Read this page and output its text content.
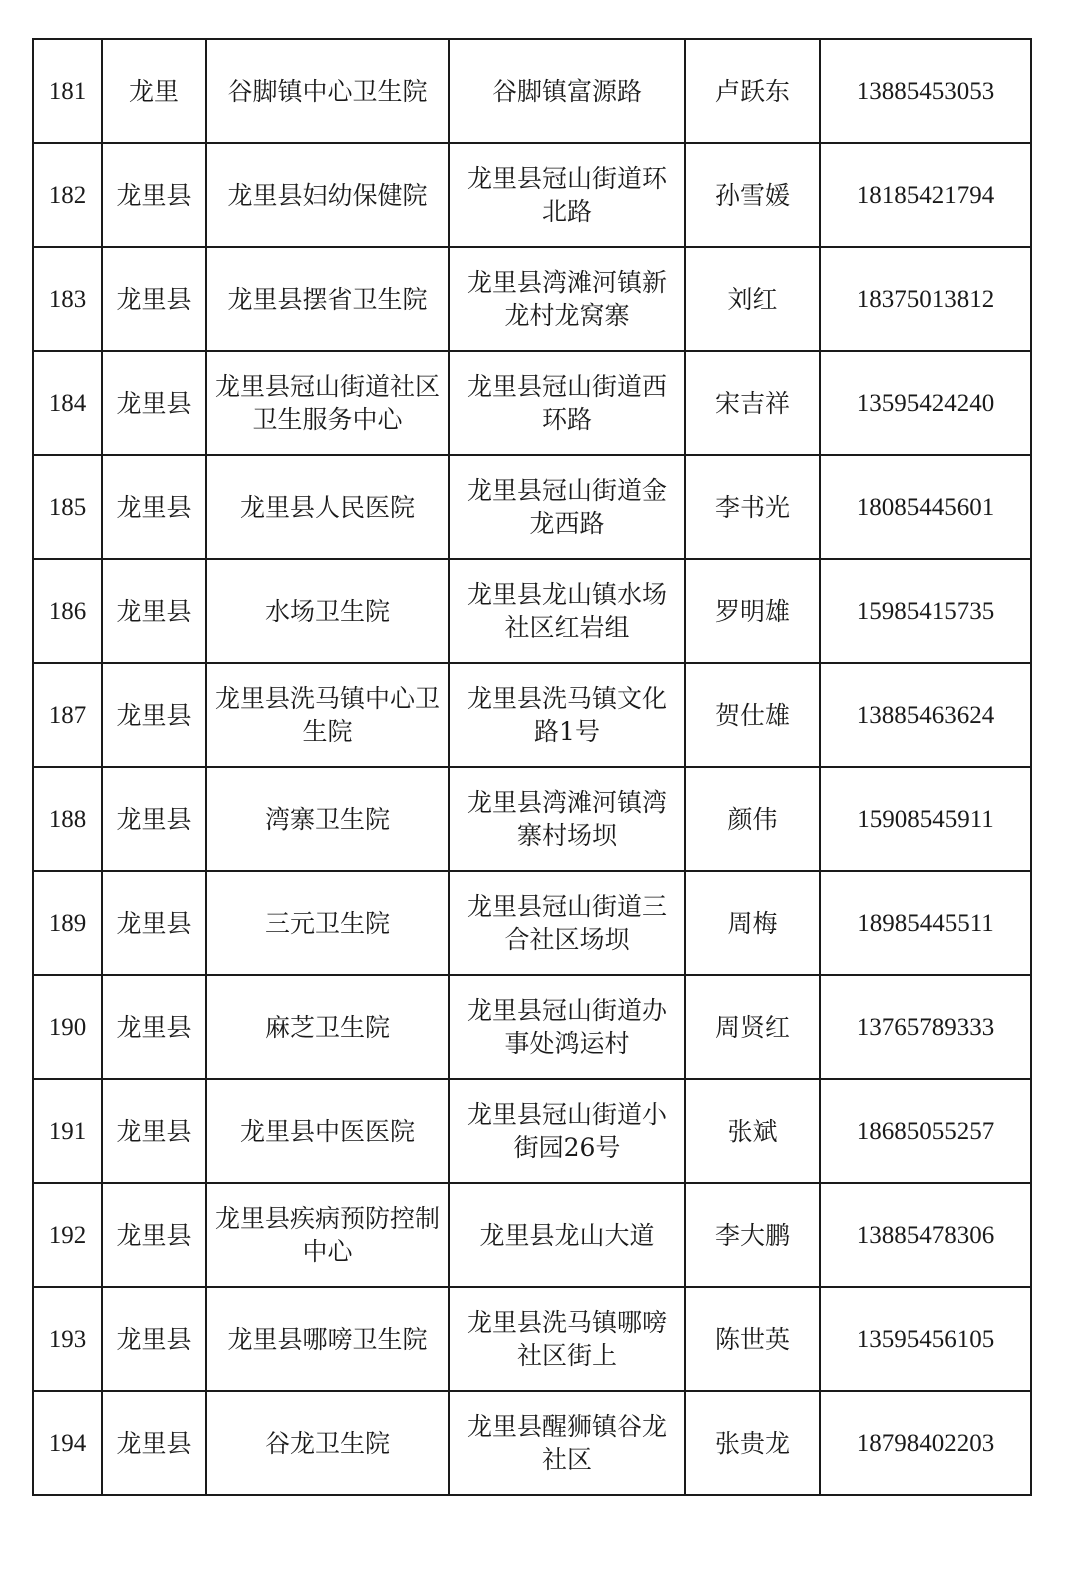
181	龙里	谷脚镇中心卫生院	谷脚镇富源路	卢跃东	13885453053
182	龙里县	龙里县妇幼保健院	龙里县冠山街道环北路	孙雪媛	18185421794
183	龙里县	龙里县摆省卫生院	龙里县湾滩河镇新龙村龙窝寨	刘红	18375013812
184	龙里县	龙里县冠山街道社区卫生服务中心	龙里县冠山街道西环路	宋吉祥	13595424240
185	龙里县	龙里县人民医院	龙里县冠山街道金龙西路	李书光	18085445601
186	龙里县	水场卫生院	龙里县龙山镇水场社区红岩组	罗明雄	15985415735
187	龙里县	龙里县洗马镇中心卫生院	龙里县洗马镇文化路1号	贺仕雄	13885463624
188	龙里县	湾寨卫生院	龙里县湾滩河镇湾寨村场坝	颜伟	15908545911
189	龙里县	三元卫生院	龙里县冠山街道三合社区场坝	周梅	18985445511
190	龙里县	麻芝卫生院	龙里县冠山街道办事处鸿运村	周贤红	13765789333
191	龙里县	龙里县中医医院	龙里县冠山街道小街园26号	张斌	18685055257
192	龙里县	龙里县疾病预防控制中心	龙里县龙山大道	李大鹏	13885478306
193	龙里县	龙里县哪嗙卫生院	龙里县洗马镇哪嗙社区街上	陈世英	13595456105
194	龙里县	谷龙卫生院	龙里县醒狮镇谷龙社区	张贵龙	18798402203
